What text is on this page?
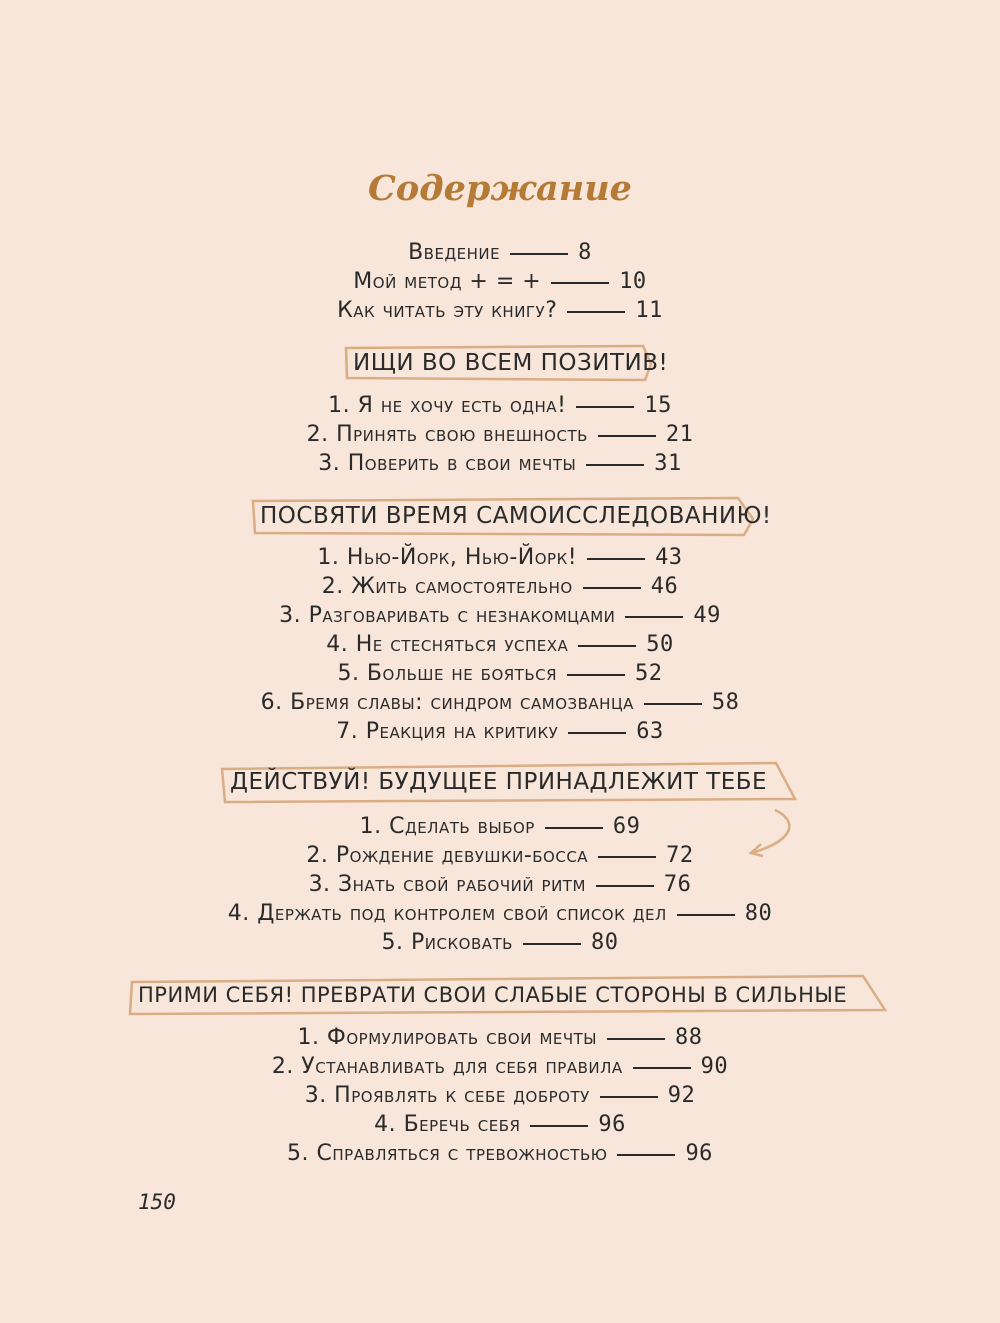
Содержание
Введение	8
Мой метод + = +	10
Как читать эту книгу?	11
ИЩИ ВО ВСЕМ ПОЗИТИВ!
1. Я не хочу есть одна!	15
2. Принять свою внешность	21
3. Поверить в свои мечты	31
ПОСВЯТИ ВРЕМЯ САМОИССЛЕДОВАНИЮ!
1. Нью-Йорк, Нью-Йорк!	43
2. Жить самостоятельно	46
3. Разговаривать с незнакомцами	49
4. Не стесняться успеха	50
5. Больше не бояться	52
6. Бремя славы: синдром самозванца	58
7. Реакция на критику	63
ДЕЙСТВУЙ! БУДУЩЕЕ ПРИНАДЛЕЖИТ ТЕБЕ
1. Сделать выбор	69
2. Рождение девушки-босса	72
3. Знать свой рабочий ритм	76
4. Держать под контролем свой список дел	80
5. Рисковать	80
ПРИМИ СЕБЯ! ПРЕВРАТИ СВОИ СЛАБЫЕ СТОРОНЫ В СИЛЬНЫЕ
1. Формулировать свои мечты	88
2. Устанавливать для себя правила	90
3. Проявлять к себе доброту	92
4. Беречь себя	96
5. Справляться с тревожностью	96
150
